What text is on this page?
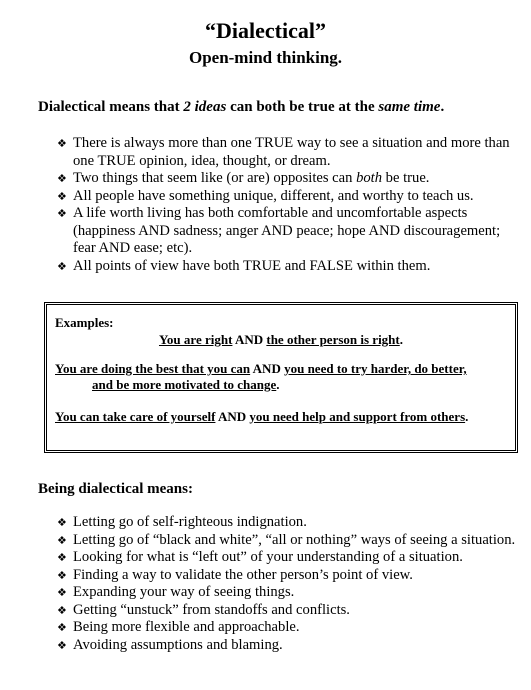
“Dialectical”
Open-mind thinking.

Dialectical means that 2 ideas can both be true at the same time.

❖ There is always more than one TRUE way to see a situation and more than one TRUE opinion, idea, thought, or dream.
❖ Two things that seem like (or are) opposites can both be true.
❖ All people have something unique, different, and worthy to teach us.
❖ A life worth living has both comfortable and uncomfortable aspects (happiness AND sadness; anger AND peace; hope AND discouragement; fear AND ease; etc).
❖ All points of view have both TRUE and FALSE within them.

Examples:

You are right AND the other person is right.

You are doing the best that you can AND you need to try harder, do better,

and be more motivated to change.

You can take care of yourself AND you need help and support from others.

Being dialectical means:

❖ Letting go of self-righteous indignation.
❖ Letting go of “black and white”, “all or nothing” ways of seeing a situation.
❖ Looking for what is “left out” of your understanding of a situation.
❖ Finding a way to validate the other person’s point of view.
❖ Expanding your way of seeing things.
❖ Getting “unstuck” from standoffs and conflicts.
❖ Being more flexible and approachable.
❖ Avoiding assumptions and blaming.
